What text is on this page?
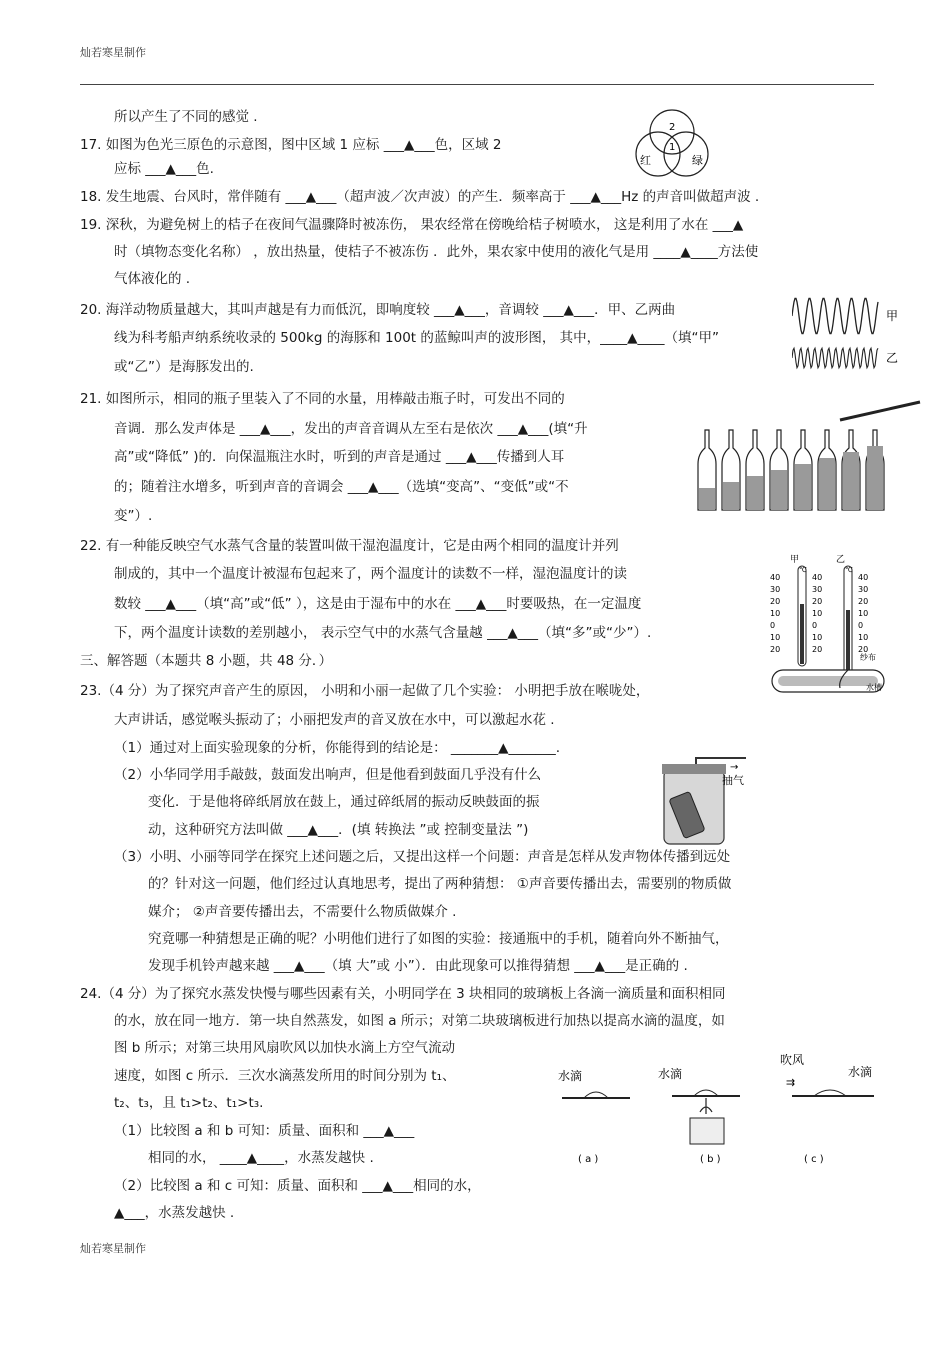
灿若寒星制作
所以产生了不同的感觉 .
17. 如图为色光三原色的示意图，图中区域 1 应标 ___▲___色，区域 2
应标 ___▲___色.
18. 发生地震、台风时，常伴随有 ___▲___（超声波／次声波）的产生．频率高于 ___▲___Hz 的声音叫做超声波 .
19. 深秋，为避免树上的桔子在夜间气温骤降时被冻伤， 果农经常在傍晚给桔子树喷水， 这是利用了水在 ___▲
时（填物态变化名称） ，放出热量，使桔子不被冻伤 ．此外，果农家中使用的液化气是用 ____▲____方法使
气体液化的 .
20. 海洋动物质量越大，其叫声越是有力而低沉，即响度较 ___▲___，音调较 ___▲___．甲、乙两曲
线为科考船声纳系统收录的 500kg 的海豚和 100t 的蓝鲸叫声的波形图， 其中，____▲____（填“甲”
或“乙”）是海豚发出的.
21. 如图所示，相同的瓶子里装入了不同的水量，用棒敲击瓶子时，可发出不同的
音调．那么发声体是 ___▲___，发出的声音音调从左至右是依次 ___▲___(填“升
高”或“降低” )的．向保温瓶注水时，听到的声音是通过 ___▲___传播到人耳
的；随着注水增多，听到声音的音调会 ___▲___（选填“变高”、“变低”或“不
变”）.
22. 有一种能反映空气水蒸气含量的装置叫做干湿泡温度计，它是由两个相同的温度计并列
制成的，其中一个温度计被湿布包起来了，两个温度计的读数不一样，湿泡温度计的读
数较 ___▲___（填“高”或“低” ），这是由于湿布中的水在 ___▲___时要吸热，在一定温度
下，两个温度计读数的差别越小， 表示空气中的水蒸气含量越 ___▲___（填“多”或“少”）.
三、解答题（本题共 8 小题，共 48 分．）
23.（4 分）为了探究声音产生的原因， 小明和小丽一起做了几个实验： 小明把手放在喉咙处，
大声讲话，感觉喉头振动了；小丽把发声的音叉放在水中，可以激起水花 .
（1）通过对上面实验现象的分析，你能得到的结论是： _______▲_______.
（2）小华同学用手敲鼓，鼓面发出响声，但是他看到鼓面几乎没有什么
变化．于是他将碎纸屑放在鼓上，通过碎纸屑的振动反映鼓面的振
动，这种研究方法叫做 ___▲___．(填 转换法 ”或 控制变量法 ”)
（3）小明、小丽等同学在探究上述问题之后，又提出这样一个问题：声音是怎样从发声物体传播到远处
的？针对这一问题，他们经过认真地思考，提出了两种猜想： ①声音要传播出去，需要别的物质做
媒介； ②声音要传播出去，不需要什么物质做媒介 .
究竟哪一种猜想是正确的呢？小明他们进行了如图的实验：接通瓶中的手机，随着向外不断抽气，
发现手机铃声越来越 ___▲___（填 大”或 小”）．由此现象可以推得猜想 ___▲___是正确的 .
24.（4 分）为了探究水蒸发快慢与哪些因素有关，小明同学在 3 块相同的玻璃板上各滴一滴质量和面积相同
的水，放在同一地方．第一块自然蒸发，如图 a 所示；对第二块玻璃板进行加热以提高水滴的温度，如
图 b 所示；对第三块用风扇吹风以加快水滴上方空气流动
速度，如图 c 所示．三次水滴蒸发所用的时间分别为 t₁、
t₂、t₃，且 t₁>t₂、t₁>t₃.
（1）比较图 a 和 b 可知：质量、面积和 ___▲___
相同的水， ____▲____，水蒸发越快 .
（2）比较图 a 和 c 可知：质量、面积和 ___▲___相同的水，
▲___，水蒸发越快 .
2
1
红	绿
甲
乙
甲	乙
℃	℃
40	40	40
30	30	30
20	20	20
10	10	10
0	0	0
10	10	10
20	20	20
纱布
水槽
→
抽气
水滴
( a )
水滴
( b )
吹风
水滴
⇉
( c )
灿若寒星制作
